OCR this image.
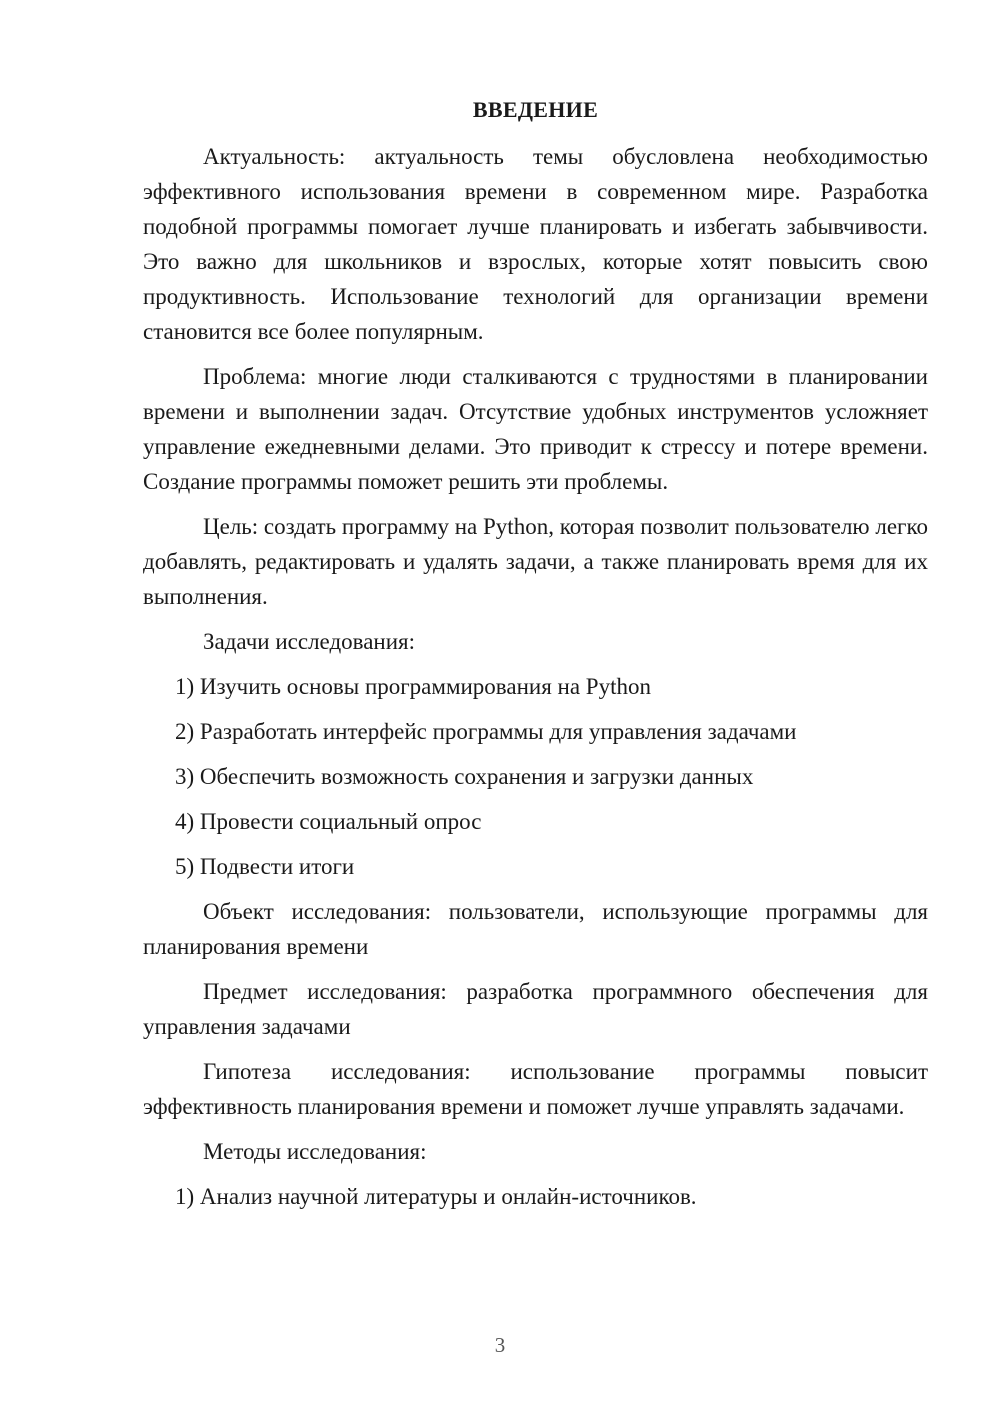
ВВЕДЕНИЕ

Актуальность: актуальность темы обусловлена необходимостью эффективного использования времени в современном мире. Разработка подобной программы помогает лучше планировать и избегать забывчивости. Это важно для школьников и взрослых, которые хотят повысить свою продуктивность. Использование технологий для организации времени становится все более популярным.

Проблема: многие люди сталкиваются с трудностями в планировании времени и выполнении задач. Отсутствие удобных инструментов усложняет управление ежедневными делами. Это приводит к стрессу и потере времени. Создание программы поможет решить эти проблемы.

Цель: создать программу на Python, которая позволит пользователю легко добавлять, редактировать и удалять задачи, а также планировать время для их выполнения.

Задачи исследования:

1) Изучить основы программирования на Python
2) Разработать интерфейс программы для управления задачами
3) Обеспечить возможность сохранения и загрузки данных
4) Провести социальный опрос
5) Подвести итоги

Объект исследования: пользователи, использующие программы для планирования времени

Предмет исследования: разработка программного обеспечения для управления задачами

Гипотеза исследования: использование программы повысит эффективность планирования времени и поможет лучше управлять задачами.

Методы исследования:

1) Анализ научной литературы и онлайн-источников.
3
